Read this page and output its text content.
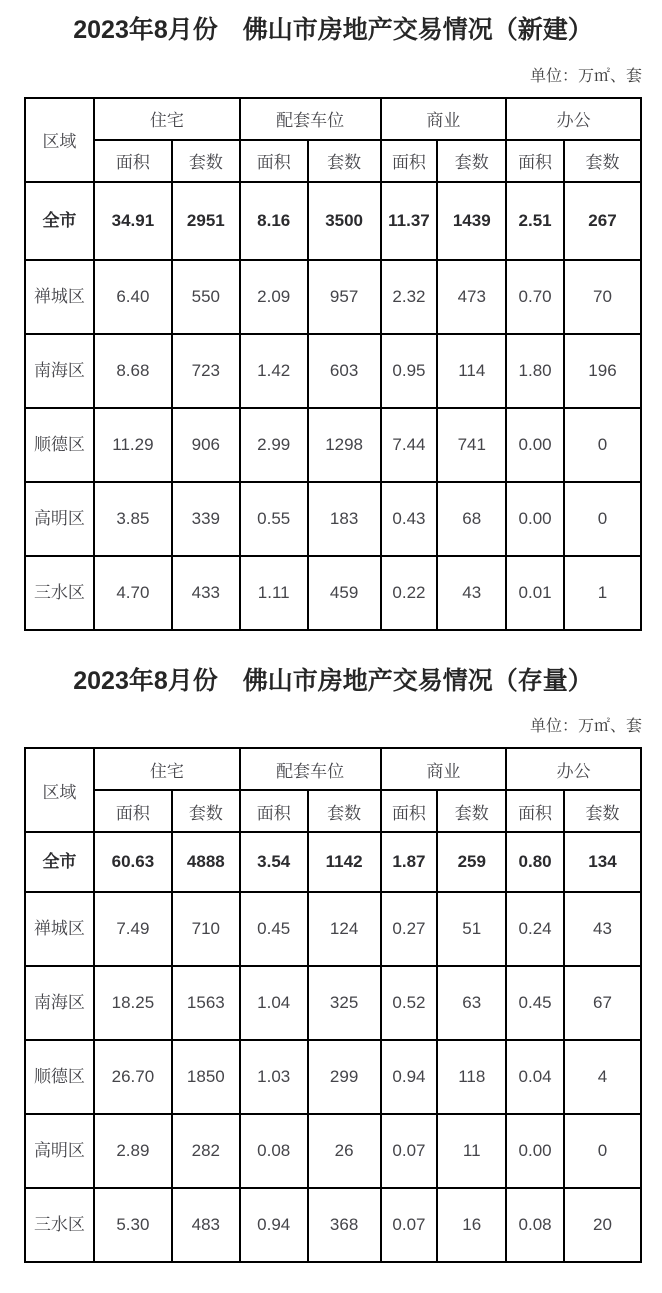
2023年8月份　佛山市房地产交易情况（新建）
单位：万㎡、套
区域	住宅		配套车位		商业		办公	
	面积	套数	面积	套数	面积	套数	面积	套数
全市	34.91	2951	8.16	3500	11.37	1439	2.51	267
禅城区	6.40	550	2.09	957	2.32	473	0.70	70
南海区	8.68	723	1.42	603	0.95	114	1.80	196
顺德区	11.29	906	2.99	1298	7.44	741	0.00	0
高明区	3.85	339	0.55	183	0.43	68	0.00	0
三水区	4.70	433	1.11	459	0.22	43	0.01	1
2023年8月份　佛山市房地产交易情况（存量）
单位：万㎡、套
区域	住宅		配套车位		商业		办公	
	面积	套数	面积	套数	面积	套数	面积	套数
全市	60.63	4888	3.54	1142	1.87	259	0.80	134
禅城区	7.49	710	0.45	124	0.27	51	0.24	43
南海区	18.25	1563	1.04	325	0.52	63	0.45	67
顺德区	26.70	1850	1.03	299	0.94	118	0.04	4
高明区	2.89	282	0.08	26	0.07	11	0.00	0
三水区	5.30	483	0.94	368	0.07	16	0.08	20
